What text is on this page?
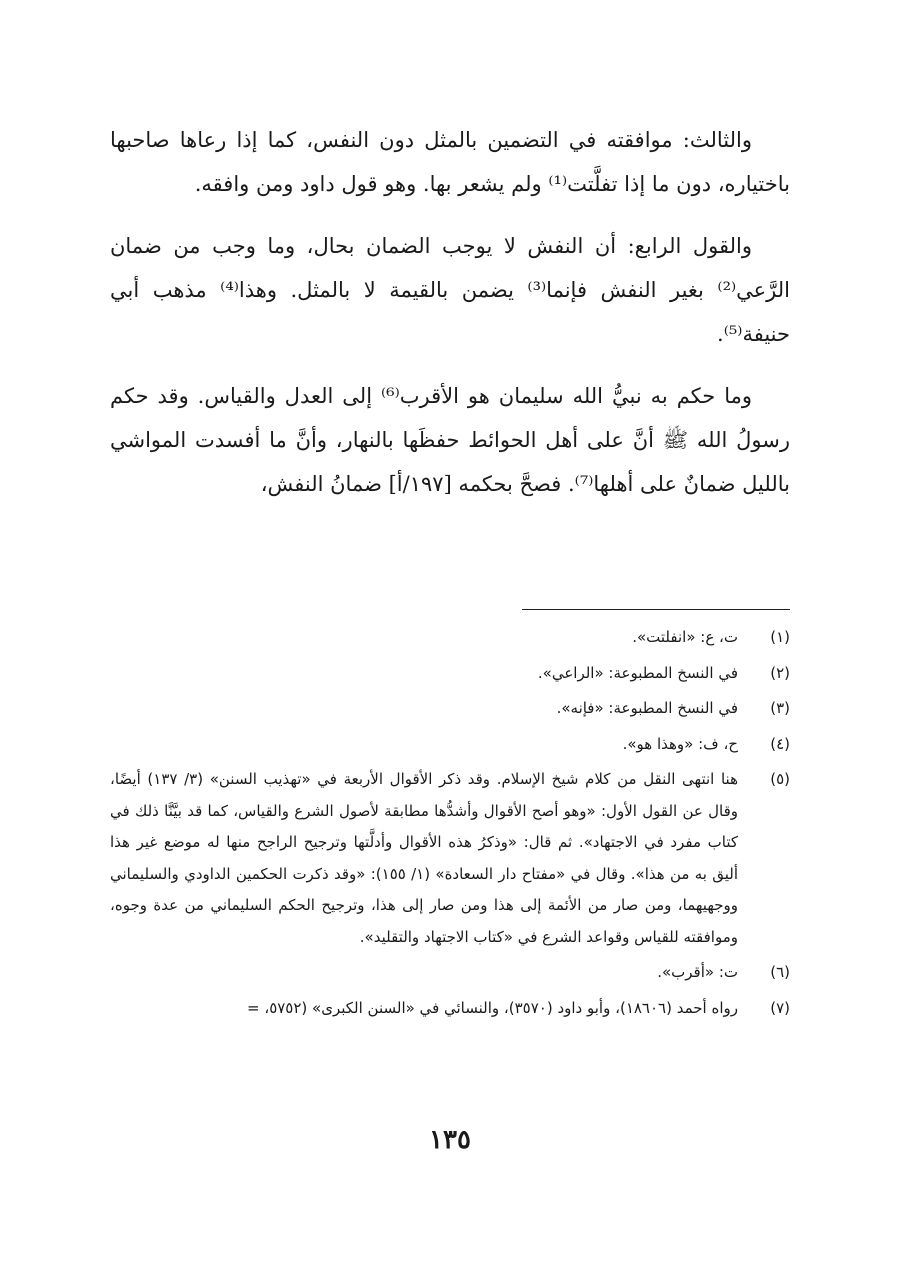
والثالث: موافقته في التضمين بالمثل دون النفس، كما إذا رعاها صاحبها باختياره، دون ما إذا تفلَّتت⁽¹⁾ ولم يشعر بها. وهو قول داود ومن وافقه.

والقول الرابع: أن النفش لا يوجب الضمان بحال، وما وجب من ضمان الرَّعي⁽²⁾ بغير النفش فإنما⁽³⁾ يضمن بالقيمة لا بالمثل. وهذا⁽⁴⁾ مذهب أبي حنيفة⁽⁵⁾.

وما حكم به نبيُّ الله سليمان هو الأقرب⁽⁶⁾ إلى العدل والقياس. وقد حكم رسولُ الله ﷺ أنَّ على أهل الحوائط حفظَها بالنهار، وأنَّ ما أفسدت المواشي بالليل ضمانٌ على أهلها⁽⁷⁾. فصحَّ بحكمه [١٩٧/أ] ضمانُ النفش،

(١)
ت، ع: «انفلتت».
(٢)
في النسخ المطبوعة: «الراعي».
(٣)
في النسخ المطبوعة: «فإنه».
(٤)
ح، ف: «وهذا هو».
(٥)
هنا انتهى النقل من كلام شيخ الإسلام. وقد ذكر الأقوال الأربعة في «تهذيب السنن» (٣/ ١٣٧) أيضًا، وقال عن القول الأول: «وهو أصح الأقوال وأشدُّها مطابقة لأصول الشرع والقياس، كما قد بيَّنَّا ذلك في كتاب مفرد في الاجتهاد». ثم قال: «وذكرُ هذه الأقوال وأدلَّتها وترجيح الراجح منها له موضع غير هذا أليق به من هذا». وقال في «مفتاح دار السعادة» (١/ ١٥٥): «وقد ذكرت الحكمين الداودي والسليماني ووجهيهما، ومن صار من الأئمة إلى هذا ومن صار إلى هذا، وترجيح الحكم السليماني من عدة وجوه، وموافقته للقياس وقواعد الشرع في «كتاب الاجتهاد والتقليد».
(٦)
ت: «أقرب».
(٧)
رواه أحمد (١٨٦٠٦)، وأبو داود (٣٥٧٠)، والنسائي في «السنن الكبرى» (٥٧٥٢، =
١٣٥
